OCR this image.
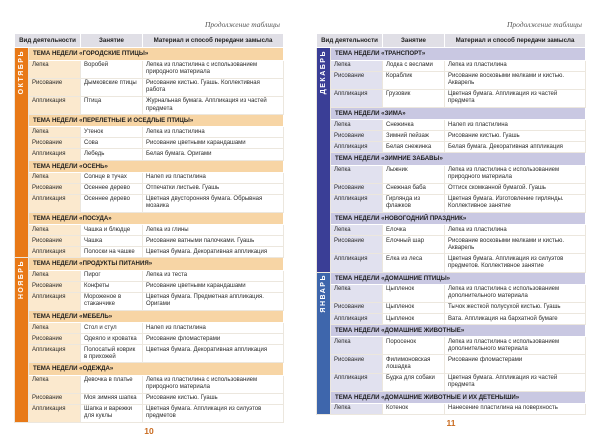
Продолжение таблицы
Вид деятельности		Занятие	Материал и способ передачи замысла
ОКТЯБРЬ	ТЕМА НЕДЕЛИ «ГОРОДСКИЕ ПТИЦЫ»		
	Лепка	Воробей	Лепка из пластилина с использованием природного материала
	Рисование	Дымковские птицы	Рисование кистью. Гуашь. Коллективная работа
	Аппликация	Птица	Журнальная бумага. Аппликация из частей предмета
	ТЕМА НЕДЕЛИ «ПЕРЕЛЕТНЫЕ И ОСЕДЛЫЕ ПТИЦЫ»		
	Лепка	Утенок	Лепка из пластилина
	Рисование	Сова	Рисование цветными карандашами
	Аппликация	Лебедь	Белая бумага. Оригами
	ТЕМА НЕДЕЛИ «ОСЕНЬ»		
	Лепка	Солнце в тучах	Налеп из пластилина
	Рисование	Осеннее дерево	Отпечатки листьев. Гуашь
	Аппликация	Осеннее дерево	Цветная двусторонняя бумага. Обрывная мозаика
	ТЕМА НЕДЕЛИ «ПОСУДА»		
	Лепка	Чашка и блюдце	Лепка из глины
	Рисование	Чашка	Рисование ватными палочками. Гуашь
	Аппликация	Полоски на чашке	Цветная бумага. Декоративная аппликация
НОЯБРЬ	ТЕМА НЕДЕЛИ «ПРОДУКТЫ ПИТАНИЯ»		
	Лепка	Пирог	Лепка из теста
	Рисование	Конфеты	Рисование цветными карандашами
	Аппликация	Мороженое в стаканчике	Цветная бумага. Предметная аппликация. Оригами
	ТЕМА НЕДЕЛИ «МЕБЕЛЬ»		
	Лепка	Стол и стул	Налеп из пластилина
	Рисование	Одеяло и кроватка	Рисование фломастерами
	Аппликация	Полосатый коврик в прихожей	Цветная бумага. Декоративная аппликация
	ТЕМА НЕДЕЛИ «ОДЕЖДА»		
	Лепка	Девочка в платье	Лепка из пластилина с использованием природного материала
	Рисование	Моя зимняя шапка	Рисование кистью. Гуашь
	Аппликация	Шапка и варежки для куклы	Цветная бумага. Аппликация из силуэтов предметов
10
Продолжение таблицы
Вид деятельности		Занятие	Материал и способ передачи замысла
ДЕКАБРЬ	ТЕМА НЕДЕЛИ «ТРАНСПОРТ»		
	Лепка	Лодка с веслами	Лепка из пластилина
	Рисование	Кораблик	Рисование восковыми мелками и кистью. Акварель
	Аппликация	Грузовик	Цветная бумага. Аппликация из частей предмета
	ТЕМА НЕДЕЛИ «ЗИМА»		
	Лепка	Снежинка	Налеп из пластилина
	Рисование	Зимний пейзаж	Рисование кистью. Гуашь
	Аппликация	Белая снежинка	Белая бумага. Декоративная аппликация
	ТЕМА НЕДЕЛИ «ЗИМНИЕ ЗАБАВЫ»		
	Лепка	Лыжник	Лепка из пластилина с использованием природного материала
	Рисование	Снежная баба	Оттиск скомканной бумагой. Гуашь
	Аппликация	Гирлянда из флажков	Цветная бумага. Изготовление гирлянды. Коллективное занятие
	ТЕМА НЕДЕЛИ «НОВОГОДНИЙ ПРАЗДНИК»		
	Лепка	Елочка	Лепка из пластилина
	Рисование	Елочный шар	Рисование восковыми мелками и кистью. Акварель
	Аппликация	Елка из леса	Цветная бумага. Аппликация из силуэтов предметов. Коллективное занятие
ЯНВАРЬ	ТЕМА НЕДЕЛИ «ДОМАШНИЕ ПТИЦЫ»		
	Лепка	Цыпленок	Лепка из пластилина с использованием дополнительного материала
	Рисование	Цыпленок	Тычок жесткой полусухой кистью. Гуашь
	Аппликация	Цыпленок	Вата. Аппликация на бархатной бумаге
	ТЕМА НЕДЕЛИ «ДОМАШНИЕ ЖИВОТНЫЕ»		
	Лепка	Поросенок	Лепка из пластилина с использованием дополнительного материала
	Рисование	Филимоновская лошадка	Рисование фломастерами
	Аппликация	Будка для собаки	Цветная бумага. Аппликация из частей предмета
	ТЕМА НЕДЕЛИ «ДОМАШНИЕ ЖИВОТНЫЕ И ИХ ДЕТЕНЫШИ»		
	Лепка	Котенок	Нанесение пластилина на поверхность
11
